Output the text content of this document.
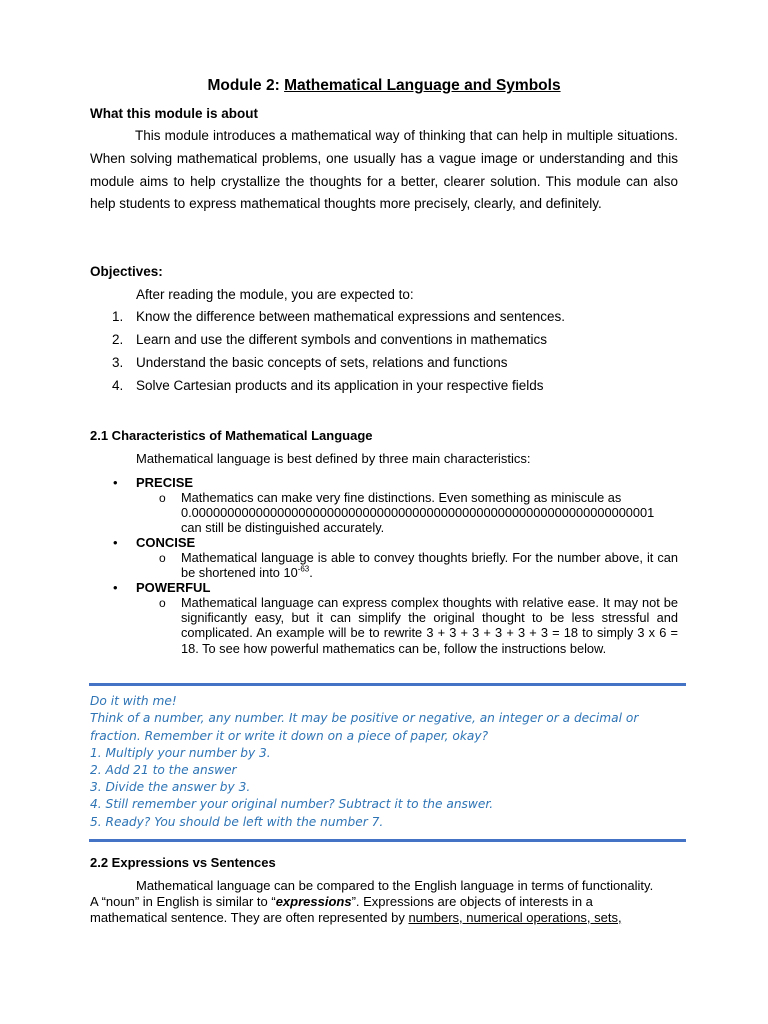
Module 2: Mathematical Language and Symbols
What this module is about
This module introduces a mathematical way of thinking that can help in multiple situations. When solving mathematical problems, one usually has a vague image or understanding and this module aims to help crystallize the thoughts for a better, clearer solution. This module can also help students to express mathematical thoughts more precisely, clearly, and definitely.
Objectives:
After reading the module, you are expected to:
1. Know the difference between mathematical expressions and sentences.
2. Learn and use the different symbols and conventions in mathematics
3. Understand the basic concepts of sets, relations and functions
4. Solve Cartesian products and its application in your respective fields
2.1 Characteristics of Mathematical Language
Mathematical language is best defined by three main characteristics:
• PRECISE
o Mathematics can make very fine distinctions. Even something as miniscule as
0.00000000000000000000000000000000000000000000000000000000000000001
can still be distinguished accurately.
• CONCISE
o Mathematical language is able to convey thoughts briefly. For the number above, it can be shortened into $10^{-63}$.
• POWERFUL
o Mathematical language can express complex thoughts with relative ease. It may not be significantly easy, but it can simplify the original thought to be less stressful and complicated. An example will be to rewrite 3 + 3 + 3 + 3 + 3 + 3 = 18 to simply 3 x 6 = 18. To see how powerful mathematics can be, follow the instructions below.
Do it with me!
Think of a number, any number. It may be positive or negative, an integer or a decimal or
fraction. Remember it or write it down on a piece of paper, okay?
1. Multiply your number by 3.
2. Add 21 to the answer
3. Divide the answer by 3.
4. Still remember your original number? Subtract it to the answer.
5. Ready? You should be left with the number 7.
2.2 Expressions vs Sentences
Mathematical language can be compared to the English language in terms of functionality.
A “noun” in English is similar to “expressions”. Expressions are objects of interests in a
mathematical sentence. They are often represented by numbers, numerical operations, sets,
